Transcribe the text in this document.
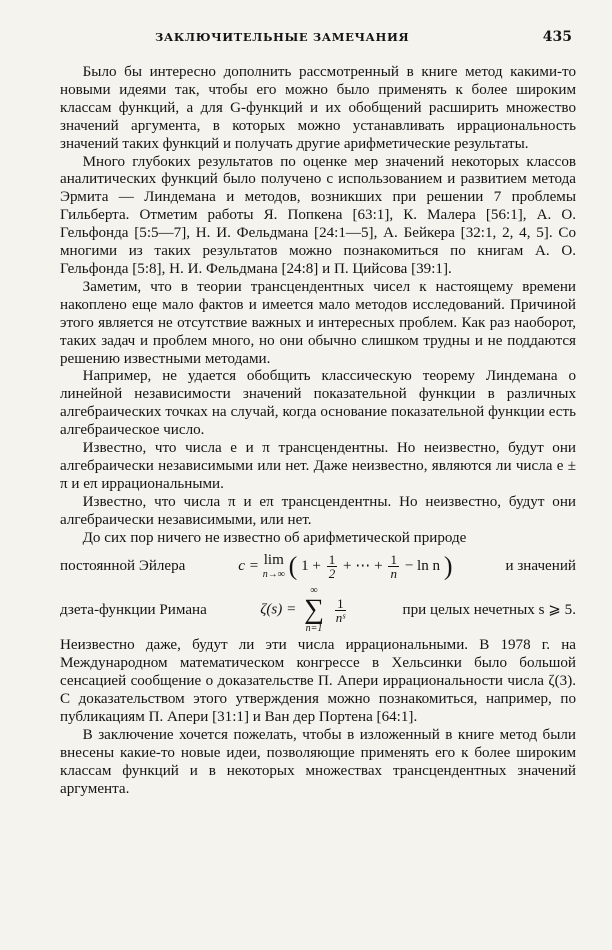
ЗАКЛЮЧИТЕЛЬНЫЕ ЗАМЕЧАНИЯ	435

Было бы интересно дополнить рассмотренный в книге метод какими-то новыми идеями так, чтобы его можно было применять к более широким классам функций, а для G-функций и их обобщений расширить множество значений аргумента, в которых можно устанавливать иррациональность значений таких функций и получать другие арифметические результаты.

Много глубоких результатов по оценке мер значений некоторых классов аналитических функций было получено с использованием и развитием метода Эрмита — Линдемана и методов, возникших при решении 7 проблемы Гильберта. Отметим работы Я. Попкена [63:1], К. Малера [56:1], А. О. Гельфонда [5:5—7], Н. И. Фельдмана [24:1—5], А. Бейкера [32:1, 2, 4, 5]. Со многими из таких результатов можно познакомиться по книгам А. О. Гельфонда [5:8], Н. И. Фельдмана [24:8] и П. Цийсова [39:1].

Заметим, что в теории трансцендентных чисел к настоящему времени накоплено еще мало фактов и имеется мало методов исследований. Причиной этого является не отсутствие важных и интересных проблем. Как раз наоборот, таких задач и проблем много, но они обычно слишком трудны и не поддаются решению известными методами.

Например, не удается обобщить классическую теорему Линдемана о линейной независимости значений показательной функции в различных алгебраических точках на случай, когда основание показательной функции есть алгебраическое число.

Известно, что числа e и π трансцендентны. Но неизвестно, будут они алгебраически независимыми или нет. Даже неизвестно, являются ли числа e ± π и eπ иррациональными.

Известно, что числа π и eπ трансцендентны. Но неизвестно, будут они алгебраически независимыми, или нет.

До сих пор ничего не известно об арифметической природе

постоянной Эйлера	c = lim
n→∞ ( $1 + \frac{1}{2}$ + ⋯ + $\frac{1}{n} - \ln n$ )	и значений
дзета-функции Римана	ζ(s) =
∞
∑
n=1

$\frac{1}{\text{nˢ}}$	при целых нечетных s ⩾ 5.

Неизвестно даже, будут ли эти числа иррациональными. В 1978 г. на Международном математическом конгрессе в Хельсинки было большой сенсацией сообщение о доказательстве П. Апери иррациональности числа ζ(3). С доказательством этого утверждения можно познакомиться, например, по публикациям П. Апери [31:1] и Ван дер Портена [64:1].

В заключение хочется пожелать, чтобы в изложенный в книге метод были внесены какие-то новые идеи, позволяющие применять его к более широким классам функций и в некоторых множествах трансцендентных значений аргумента.
